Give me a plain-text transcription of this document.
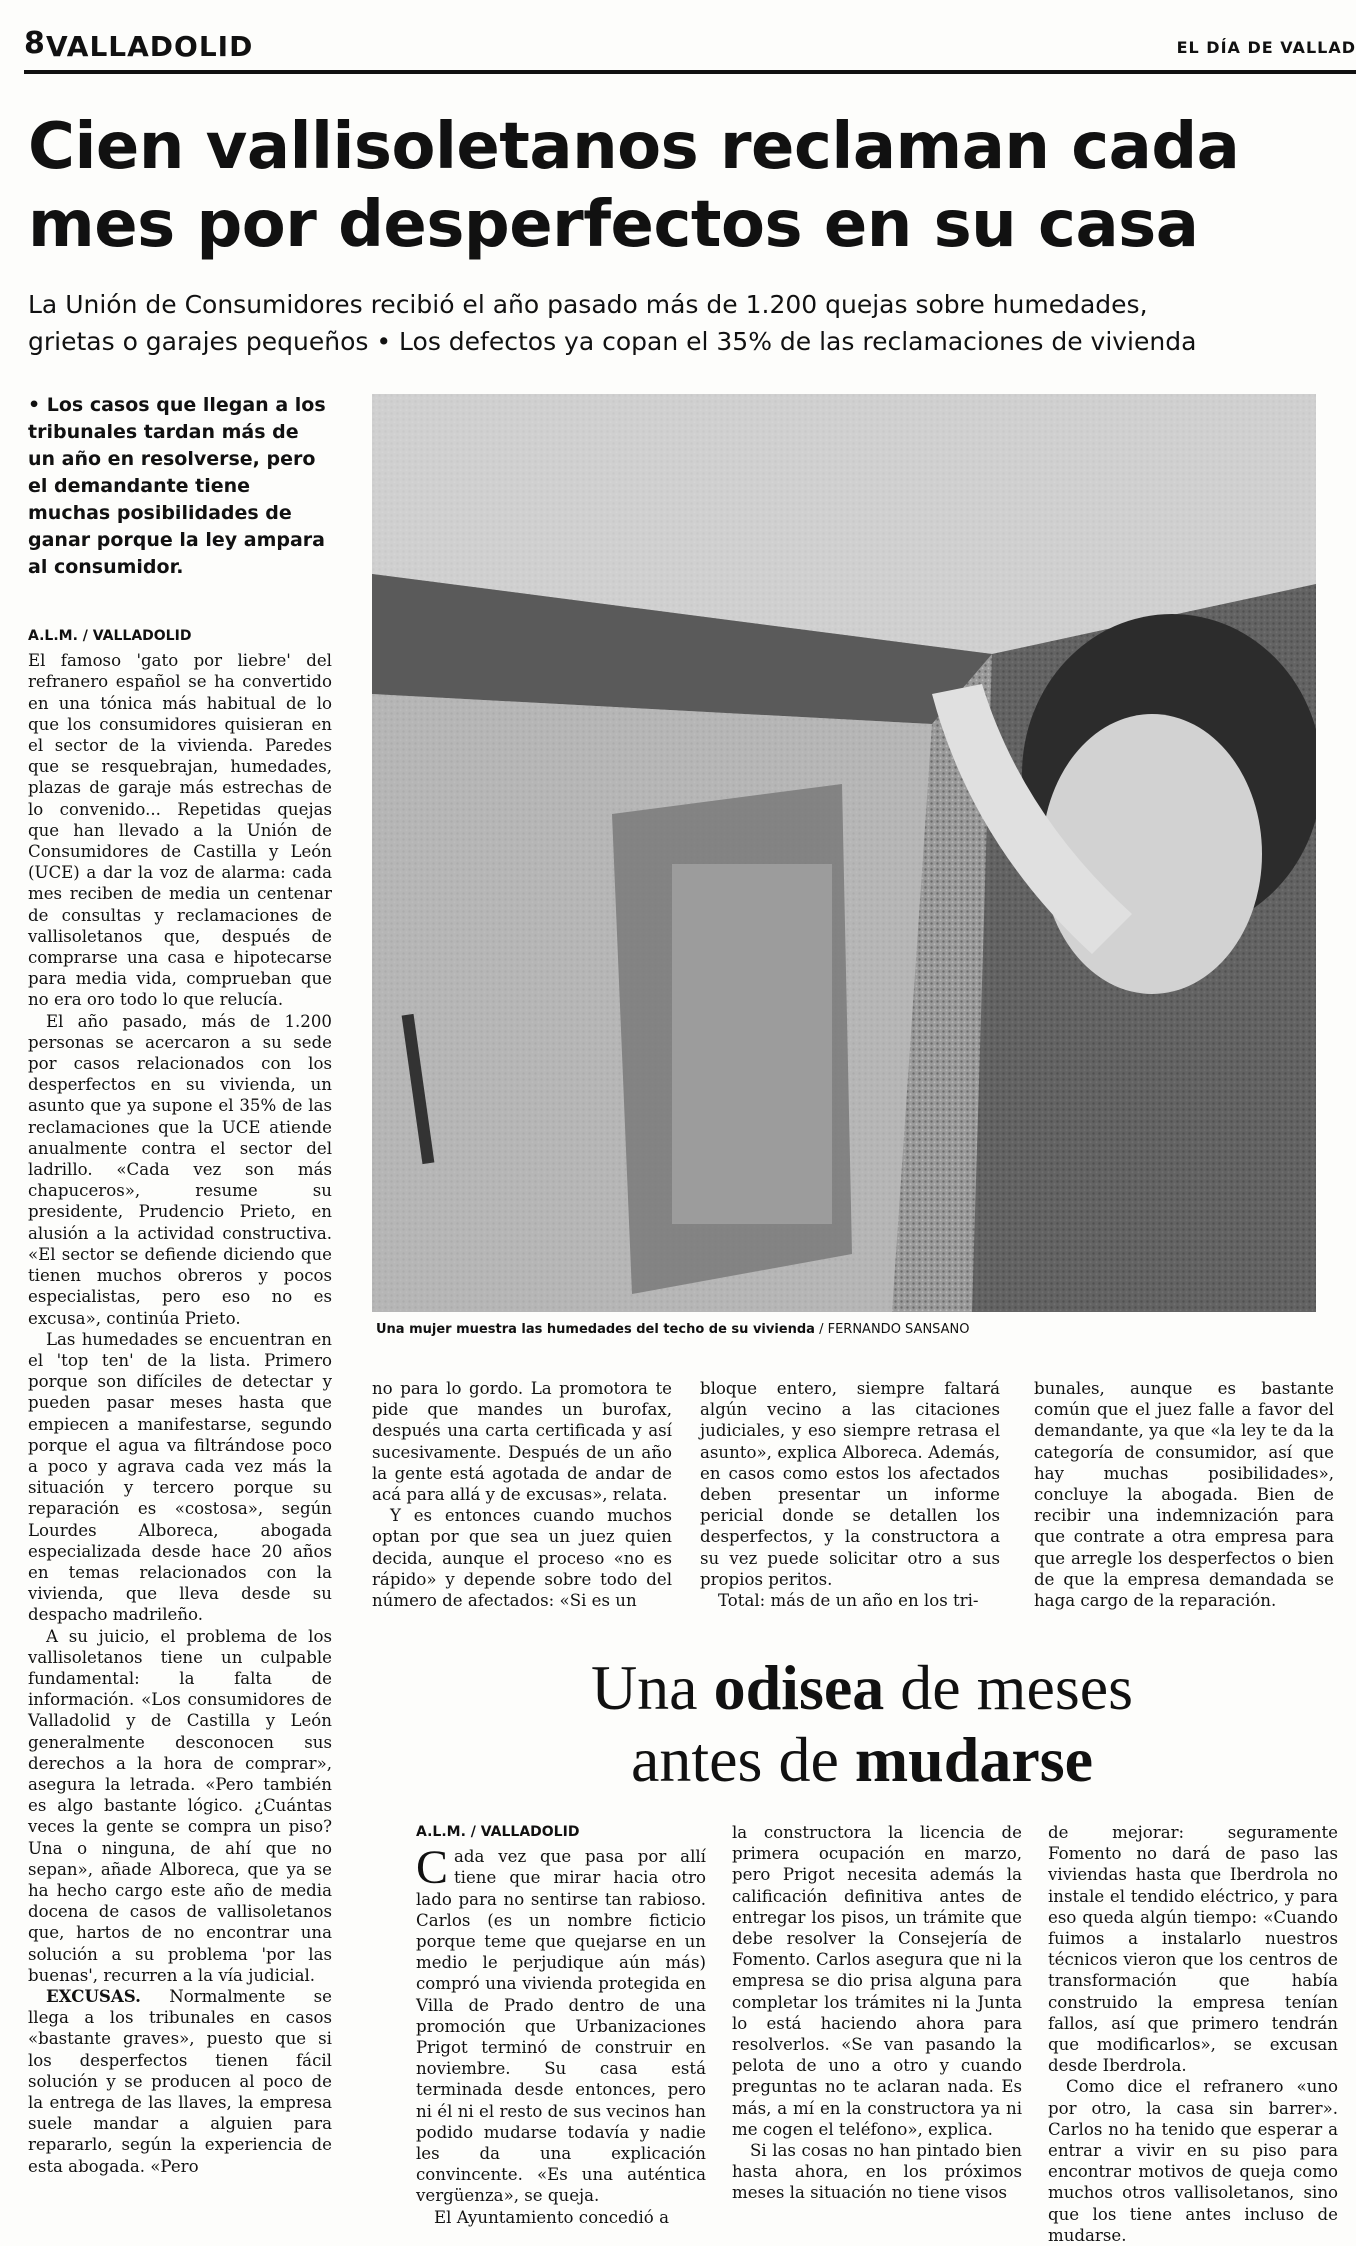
8 VALLADOLID	EL DÍA DE VALLAD
Cien vallisoletanos reclaman cada
mes por desperfectos en su casa
La Unión de Consumidores recibió el año pasado más de 1.200 quejas sobre humedades,
grietas o garajes pequeños • Los defectos ya copan el 35% de las reclamaciones de vivienda
• Los casos que llegan a los tribunales tardan más de un año en resolverse, pero el demandante tiene muchas posibilidades de ganar porque la ley ampara al consumidor.
Una mujer muestra las humedades del techo de su vivienda / FERNANDO SANSANO
A.L.M. / VALLADOLID

El famoso 'gato por liebre' del refranero español se ha convertido en una tónica más habitual de lo que los consumidores quisieran en el sector de la vivienda. Paredes que se resquebrajan, humedades, plazas de garaje más estrechas de lo convenido... Repetidas quejas que han llevado a la Unión de Consumidores de Castilla y León (UCE) a dar la voz de alarma: cada mes reciben de media un centenar de consultas y reclamaciones de vallisoletanos que, después de comprarse una casa e hipotecarse para media vida, comprueban que no era oro todo lo que relucía.

El año pasado, más de 1.200 personas se acercaron a su sede por casos relacionados con los desperfectos en su vivienda, un asunto que ya supone el 35% de las reclamaciones que la UCE atiende anualmente contra el sector del ladrillo. «Cada vez son más chapuceros», resume su presidente, Prudencio Prieto, en alusión a la actividad constructiva. «El sector se defiende diciendo que tienen muchos obreros y pocos especialistas, pero eso no es excusa», continúa Prieto.

Las humedades se encuentran en el 'top ten' de la lista. Primero porque son difíciles de detectar y pueden pasar meses hasta que empiecen a manifestarse, segundo porque el agua va filtrándose poco a poco y agrava cada vez más la situación y tercero porque su reparación es «costosa», según Lourdes Alboreca, abogada especializada desde hace 20 años en temas relacionados con la vivienda, que lleva desde su despacho madrileño.

A su juicio, el problema de los vallisoletanos tiene un culpable fundamental: la falta de información. «Los consumidores de Valladolid y de Castilla y León generalmente desconocen sus derechos a la hora de comprar», asegura la letrada. «Pero también es algo bastante lógico. ¿Cuántas veces la gente se compra un piso? Una o ninguna, de ahí que no sepan», añade Alboreca, que ya se ha hecho cargo este año de media docena de casos de vallisoletanos que, hartos de no encontrar una solución a su problema 'por las buenas', recurren a la vía judicial.

EXCUSAS. Normalmente se llega a los tribunales en casos «bastante graves», puesto que si los desperfectos tienen fácil solución y se producen al poco de la entrega de las llaves, la empresa suele mandar a alguien para repararlo, según la experiencia de esta abogada. «Pero

no para lo gordo. La promotora te pide que mandes un burofax, después una carta certificada y así sucesivamente. Después de un año la gente está agotada de andar de acá para allá y de excusas», relata.

Y es entonces cuando muchos optan por que sea un juez quien decida, aunque el proceso «no es rápido» y depende sobre todo del número de afectados: «Si es un

bloque entero, siempre faltará algún vecino a las citaciones judiciales, y eso siempre retrasa el asunto», explica Alboreca. Además, en casos como estos los afectados deben presentar un informe pericial donde se detallen los desperfectos, y la constructora a su vez puede solicitar otro a sus propios peritos.

Total: más de un año en los tri-

bunales, aunque es bastante común que el juez falle a favor del demandante, ya que «la ley te da la categoría de consumidor, así que hay muchas posibilidades», concluye la abogada. Bien de recibir una indemnización para que contrate a otra empresa para que arregle los desperfectos o bien de que la empresa demandada se haga cargo de la reparación.

Una odisea de meses
antes de mudarse
A.L.M. / VALLADOLID

Cada vez que pasa por allí tiene que mirar hacia otro lado para no sentirse tan rabioso. Carlos (es un nombre ficticio porque teme que quejarse en un medio le perjudique aún más) compró una vivienda protegida en Villa de Prado dentro de una promoción que Urbanizaciones Prigot terminó de construir en noviembre. Su casa está terminada desde entonces, pero ni él ni el resto de sus vecinos han podido mudarse todavía y nadie les da una explicación convincente. «Es una auténtica vergüenza», se queja.

El Ayuntamiento concedió a

la constructora la licencia de primera ocupación en marzo, pero Prigot necesita además la calificación definitiva antes de entregar los pisos, un trámite que debe resolver la Consejería de Fomento. Carlos asegura que ni la empresa se dio prisa alguna para completar los trámites ni la Junta lo está haciendo ahora para resolverlos. «Se van pasando la pelota de uno a otro y cuando preguntas no te aclaran nada. Es más, a mí en la constructora ya ni me cogen el teléfono», explica.

Si las cosas no han pintado bien hasta ahora, en los próximos meses la situación no tiene visos

de mejorar: seguramente Fomento no dará de paso las viviendas hasta que Iberdrola no instale el tendido eléctrico, y para eso queda algún tiempo: «Cuando fuimos a instalarlo nuestros técnicos vieron que los centros de transformación que había construido la empresa tenían fallos, así que primero tendrán que modificarlos», se excusan desde Iberdrola.

Como dice el refranero «uno por otro, la casa sin barrer». Carlos no ha tenido que esperar a entrar a vivir en su piso para encontrar motivos de queja como muchos otros vallisoletanos, sino que los tiene antes incluso de mudarse.
